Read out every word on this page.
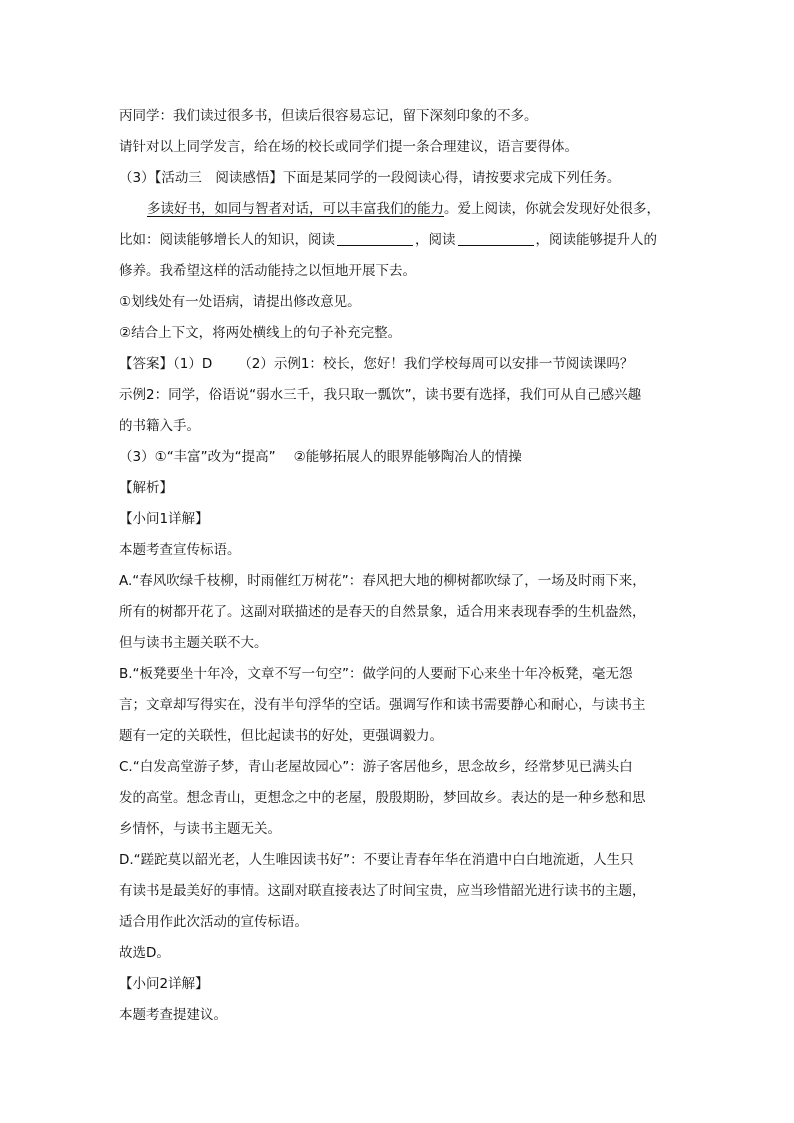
丙同学：我们读过很多书，但读后很容易忘记，留下深刻印象的不多。

请针对以上同学发言，给在场的校长或同学们提一条合理建议，语言要得体。

（3）【活动三　阅读感悟】下面是某同学的一段阅读心得，请按要求完成下列任务。

多读好书，如同与智者对话，可以丰富我们的能力。爱上阅读，你就会发现好处很多，

比如：阅读能够增长人的知识，阅读	，阅读	，阅读能够提升人的

修养。我希望这样的活动能持之以恒地开展下去。

①划线处有一处语病，请提出修改意见。

②结合上下文，将两处横线上的句子补充完整。

【答案】（1）D （2）示例1：校长，您好！我们学校每周可以安排一节阅读课吗？

示例2：同学，俗语说“弱水三千，我只取一瓢饮”，读书要有选择，我们可从自己感兴趣

的书籍入手。

（3）①“丰富”改为“提高” ②能够拓展人的眼界能够陶冶人的情操

【解析】

【小问1详解】

本题考查宣传标语。

A.“春风吹绿千枝柳，时雨催红万树花”：春风把大地的柳树都吹绿了，一场及时雨下来，

所有的树都开花了。这副对联描述的是春天的自然景象，适合用来表现春季的生机盎然，

但与读书主题关联不大。

B.“板凳要坐十年冷，文章不写一句空”：做学问的人要耐下心来坐十年冷板凳，毫无怨

言；文章却写得实在，没有半句浮华的空话。强调写作和读书需要静心和耐心，与读书主

题有一定的关联性，但比起读书的好处，更强调毅力。

C.“白发高堂游子梦，青山老屋故园心”：游子客居他乡，思念故乡，经常梦见已满头白

发的高堂。想念青山，更想念之中的老屋，殷殷期盼，梦回故乡。表达的是一种乡愁和思

乡情怀，与读书主题无关。

D.“蹉跎莫以韶光老，人生唯因读书好”：不要让青春年华在消遣中白白地流逝，人生只

有读书是最美好的事情。这副对联直接表达了时间宝贵，应当珍惜韶光进行读书的主题，

适合用作此次活动的宣传标语。

故选D。

【小问2详解】

本题考查提建议。
